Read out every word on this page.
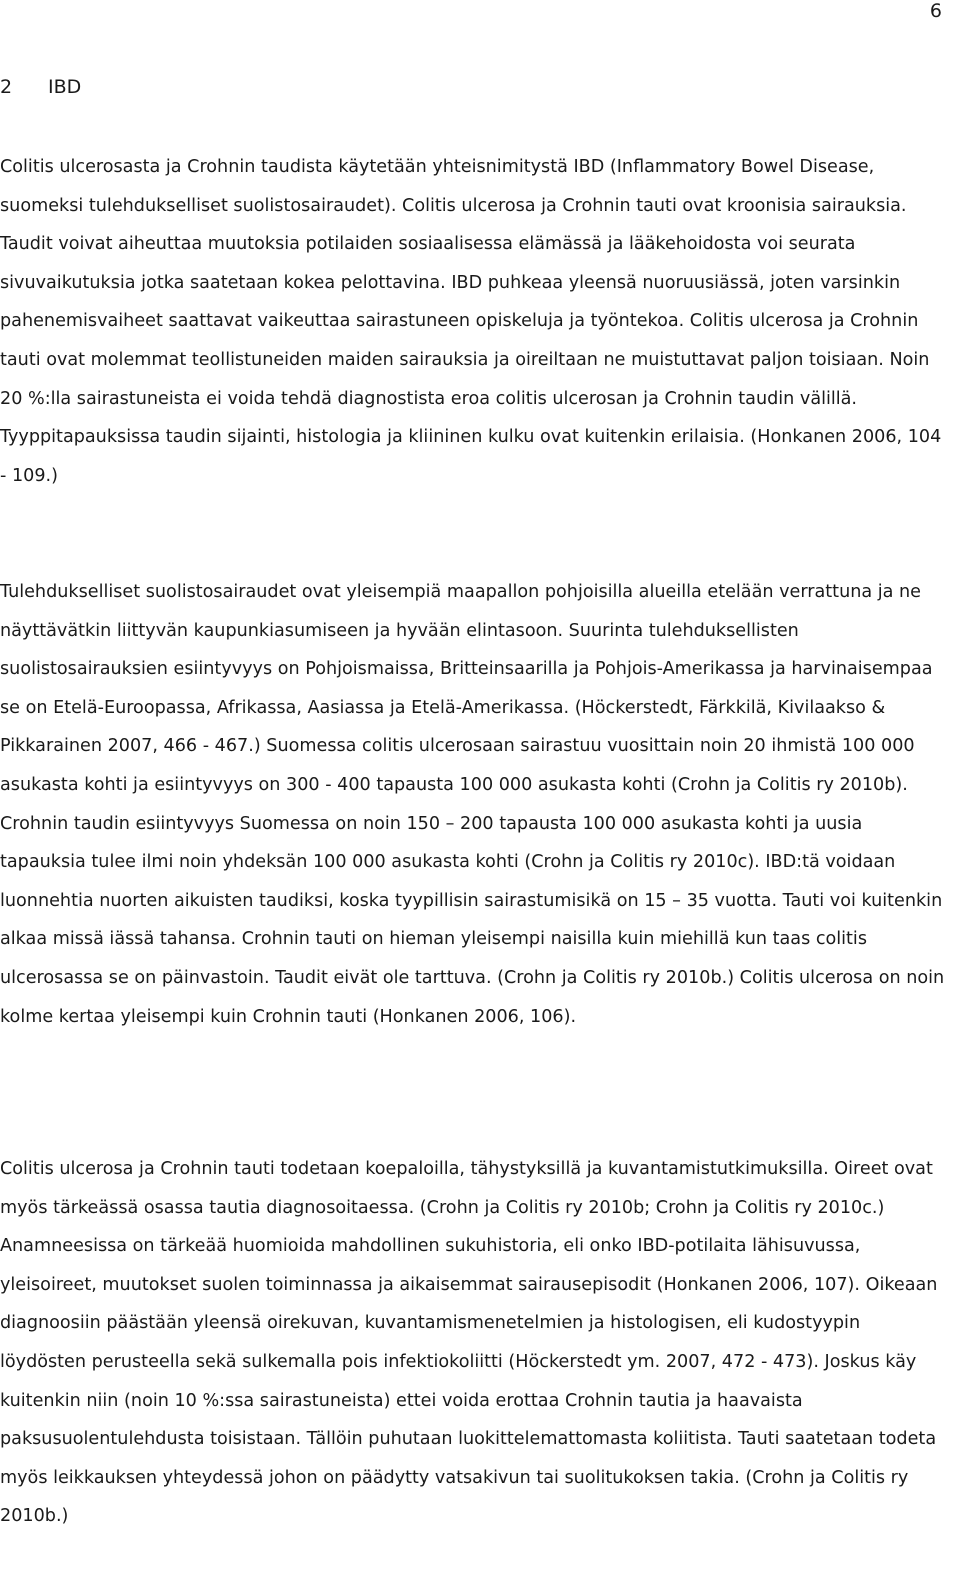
6
2 IBD

Colitis ulcerosasta ja Crohnin taudista käytetään yhteisnimitystä IBD (Inflammatory Bowel Disease, suomeksi tulehdukselliset suolistosairaudet). Colitis ulcerosa ja Crohnin tauti ovat kroonisia sairauksia. Taudit voivat aiheuttaa muutoksia potilaiden sosiaalisessa elämässä ja lääkehoidosta voi seurata sivuvaikutuksia jotka saatetaan kokea pelottavina. IBD puhkeaa yleensä nuoruusiässä, joten varsinkin pahenemisvaiheet saattavat vaikeuttaa sairastuneen opiskeluja ja työntekoa. Colitis ulcerosa ja Crohnin tauti ovat molemmat teollistuneiden maiden sairauksia ja oireiltaan ne muistuttavat paljon toisiaan. Noin 20 %:lla sairastuneista ei voida tehdä diagnostista eroa colitis ulcerosan ja Crohnin taudin välillä. Tyyppitapauksissa taudin sijainti, histologia ja kliininen kulku ovat kuitenkin erilaisia. (Honkanen 2006, 104 - 109.)

Tulehdukselliset suolistosairaudet ovat yleisempiä maapallon pohjoisilla alueilla etelään verrattuna ja ne näyttävätkin liittyvän kaupunkiasumiseen ja hyvään elintasoon. Suurinta tulehduksellisten suolistosairauksien esiintyvyys on Pohjoismaissa, Britteinsaarilla ja Pohjois-Amerikassa ja harvinaisempaa se on Etelä-Euroopassa, Afrikassa, Aasiassa ja Etelä-Amerikassa. (Höckerstedt, Färkkilä, Kivilaakso & Pikkarainen 2007, 466 - 467.) Suomessa colitis ulcerosaan sairastuu vuosittain noin 20 ihmistä 100 000 asukasta kohti ja esiintyvyys on 300 - 400 tapausta 100 000 asukasta kohti (Crohn ja Colitis ry 2010b). Crohnin taudin esiintyvyys Suomessa on noin 150 – 200 tapausta 100 000 asukasta kohti ja uusia tapauksia tulee ilmi noin yhdeksän 100 000 asukasta kohti (Crohn ja Colitis ry 2010c). IBD:tä voidaan luonnehtia nuorten aikuisten taudiksi, koska tyypillisin sairastumisikä on 15 – 35 vuotta. Tauti voi kuitenkin alkaa missä iässä tahansa. Crohnin tauti on hieman yleisempi naisilla kuin miehillä kun taas colitis ulcerosassa se on päinvastoin. Taudit eivät ole tarttuva. (Crohn ja Colitis ry 2010b.) Colitis ulcerosa on noin kolme kertaa yleisempi kuin Crohnin tauti (Honkanen 2006, 106).

Colitis ulcerosa ja Crohnin tauti todetaan koepaloilla, tähystyksillä ja kuvantamistutkimuksilla. Oireet ovat myös tärkeässä osassa tautia diagnosoitaessa. (Crohn ja Colitis ry 2010b; Crohn ja Colitis ry 2010c.) Anamneesissa on tärkeää huomioida mahdollinen sukuhistoria, eli onko IBD-potilaita lähisuvussa, yleisoireet, muutokset suolen toiminnassa ja aikaisemmat sairausepisodit (Honkanen 2006, 107). Oikeaan diagnoosiin päästään yleensä oirekuvan, kuvantamismenetelmien ja histologisen, eli kudostyypin löydösten perusteella sekä sulkemalla pois infektiokoliitti (Höckerstedt ym. 2007, 472 - 473). Joskus käy kuitenkin niin (noin 10 %:ssa sairastuneista) ettei voida erottaa Crohnin tautia ja haavaista paksusuolentulehdusta toisistaan. Tällöin puhutaan luokittelemattomasta koliitista. Tauti saatetaan todeta myös leikkauksen yhteydessä johon on päädytty vatsakivun tai suolitukoksen takia. (Crohn ja Colitis ry 2010b.)
